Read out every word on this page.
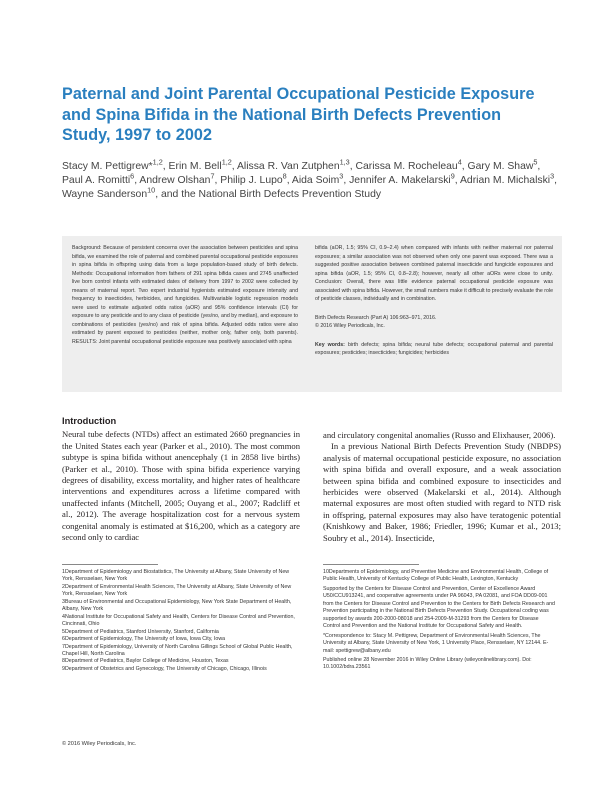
Paternal and Joint Parental Occupational Pesticide Exposure and Spina Bifida in the National Birth Defects Prevention Study, 1997 to 2002

Stacy M. Pettigrew*$^{1,2}$, Erin M. Bell$^{1,2}$, Alissa R. Van Zutphen$^{1,3}$, Carissa M. Rocheleau$^4$, Gary M. Shaw$^5$, Paul A. Romitti$^6$, Andrew Olshan$^7$, Philip J. Lupo$^8$, Aida Soim$^3$, Jennifer A. Makelarski$^9$, Adrian M. Michalski$^3$, Wayne Sanderson$^{10}$, and the National Birth Defects Prevention Study

Background: Because of persistent concerns over the association between pesticides and spina bifida, we examined the role of paternal and combined parental occupational pesticide exposures in spina bifida in offspring using data from a large population-based study of birth defects. Methods: Occupational information from fathers of 291 spina bifida cases and 2745 unaffected live born control infants with estimated dates of delivery from 1997 to 2002 were collected by means of maternal report. Two expert industrial hygienists estimated exposure intensity and frequency to insecticides, herbicides, and fungicides. Multivariable logistic regression models were used to estimate adjusted odds ratios (aOR) and 95% confidence intervals (CI) for exposure to any pesticide and to any class of pesticide (yes/no, and by median), and exposure to combinations of pesticides (yes/no) and risk of spina bifida. Adjusted odds ratios were also estimated by parent exposed to pesticides (neither, mother only, father only, both parents). RESULTS: Joint parental occupational pesticide exposure was positively associated with spina

bifida (aOR, 1.5; 95% CI, 0.9–2.4) when compared with infants with neither maternal nor paternal exposures; a similar association was not observed when only one parent was exposed. There was a suggested positive association between combined paternal insecticide and fungicide exposures and spina bifida (aOR, 1.5; 95% CI, 0.8–2.8); however, nearly all other aORs were close to unity. Conclusion: Overall, there was little evidence paternal occupational pesticide exposure was associated with spina bifida. However, the small numbers make it difficult to precisely evaluate the role of pesticide classes, individually and in combination.

Birth Defects Research (Part A) 106:963–971, 2016.

© 2016 Wiley Periodicals, Inc.

Key words: birth defects; spina bifida; neural tube defects; occupational paternal and parental exposures; pesticides; insecticides; fungicides; herbicides

Introduction

Neural tube defects (NTDs) affect an estimated 2660 pregnancies in the United States each year (Parker et al., 2010). The most common subtype is spina bifida without anencephaly (1 in 2858 live births) (Parker et al., 2010). Those with spina bifida experience varying degrees of disability, excess mortality, and higher rates of healthcare interventions and expenditures across a lifetime compared with unaffected infants (Mitchell, 2005; Ouyang et al., 2007; Radcliff et al., 2012). The average hospitalization cost for a nervous system congenital anomaly is estimated at $16,200, which as a category are second only to cardiac

and circulatory congenital anomalies (Russo and Elixhauser, 2006).

In a previous National Birth Defects Prevention Study (NBDPS) analysis of maternal occupational pesticide exposure, no association with spina bifida and overall exposure, and a weak association between spina bifida and combined exposure to insecticides and herbicides were observed (Makelarski et al., 2014). Although maternal exposures are most often studied with regard to NTD risk in offspring, paternal exposures may also have teratogenic potential (Knishkowy and Baker, 1986; Friedler, 1996; Kumar et al., 2013; Soubry et al., 2014). Insecticide,

1Department of Epidemiology and Biostatistics, The University at Albany, State University of New York, Rensselaer, New York

2Department of Environmental Health Sciences, The University at Albany, State University of New York, Rensselaer, New York

3Bureau of Environmental and Occupational Epidemiology, New York State Department of Health, Albany, New York

4National Institute for Occupational Safety and Health, Centers for Disease Control and Prevention, Cincinnati, Ohio

5Department of Pediatrics, Stanford University, Stanford, California

6Department of Epidemiology, The University of Iowa, Iowa City, Iowa

7Department of Epidemiology, University of North Carolina Gillings School of Global Public Health, Chapel Hill, North Carolina

8Department of Pediatrics, Baylor College of Medicine, Houston, Texas

9Department of Obstetrics and Gynecology, The University of Chicago, Chicago, Illinois

10Departments of Epidemiology, and Preventive Medicine and Environmental Health, College of Public Health, University of Kentucky College of Public Health, Lexington, Kentucky

Supported by the Centers for Disease Control and Prevention, Center of Excellence Award U50/CCU913241, and cooperative agreements under PA 96043, PA 02081, and FOA DD09-001 from the Centers for Disease Control and Prevention to the Centers for Birth Defects Research and Prevention participating in the National Birth Defects Prevention Study. Occupational coding was supported by awards 200-2000-08018 and 254-2009-M-31293 from the Centers for Disease Control and Prevention and the National Institute for Occupational Safety and Health.

*Correspondence to: Stacy M. Pettigrew, Department of Environmental Health Sciences, The University at Albany, State University of New York, 1 University Place, Rensselaer, NY 12144. E-mail: spettigrew@albany.edu

Published online 28 November 2016 in Wiley Online Library (wileyonlinelibrary.com). Doi: 10.1002/bdra.23561

© 2016 Wiley Periodicals, Inc.
